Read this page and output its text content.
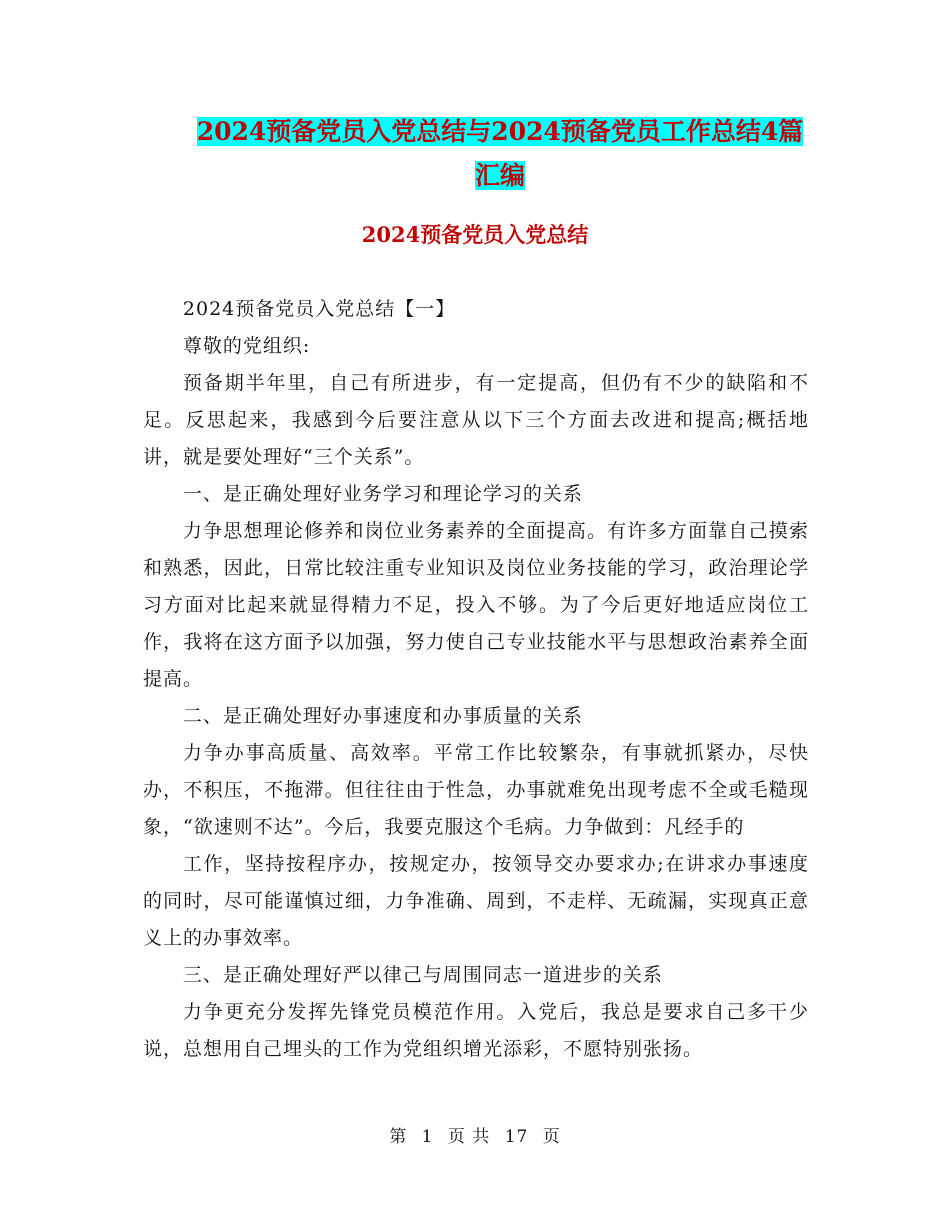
2024预备党员入党总结与2024预备党员工作总结4篇
汇编
2024预备党员入党总结

2024预备党员入党总结【一】

尊敬的党组织:

预备期半年里，自己有所进步，有一定提高，但仍有不少的缺陷和不足。反思起来，我感到今后要注意从以下三个方面去改进和提高;概括地讲，就是要处理好“三个关系”。

一、是正确处理好业务学习和理论学习的关系

力争思想理论修养和岗位业务素养的全面提高。有许多方面靠自己摸索和熟悉，因此，日常比较注重专业知识及岗位业务技能的学习，政治理论学习方面对比起来就显得精力不足，投入不够。为了今后更好地适应岗位工作，我将在这方面予以加强，努力使自己专业技能水平与思想政治素养全面提高。

二、是正确处理好办事速度和办事质量的关系

力争办事高质量、高效率。平常工作比较繁杂，有事就抓紧办，尽快办，不积压，不拖滞。但往往由于性急，办事就难免出现考虑不全或毛糙现象，“欲速则不达”。今后，我要克服这个毛病。力争做到：凡经手的

工作，坚持按程序办，按规定办，按领导交办要求办;在讲求办事速度的同时，尽可能谨慎过细，力争准确、周到，不走样、无疏漏，实现真正意义上的办事效率。

三、是正确处理好严以律己与周围同志一道进步的关系

力争更充分发挥先锋党员模范作用。入党后，我总是要求自己多干少说，总想用自己埋头的工作为党组织增光添彩，不愿特别张扬。

第 1 页 共 17 页
